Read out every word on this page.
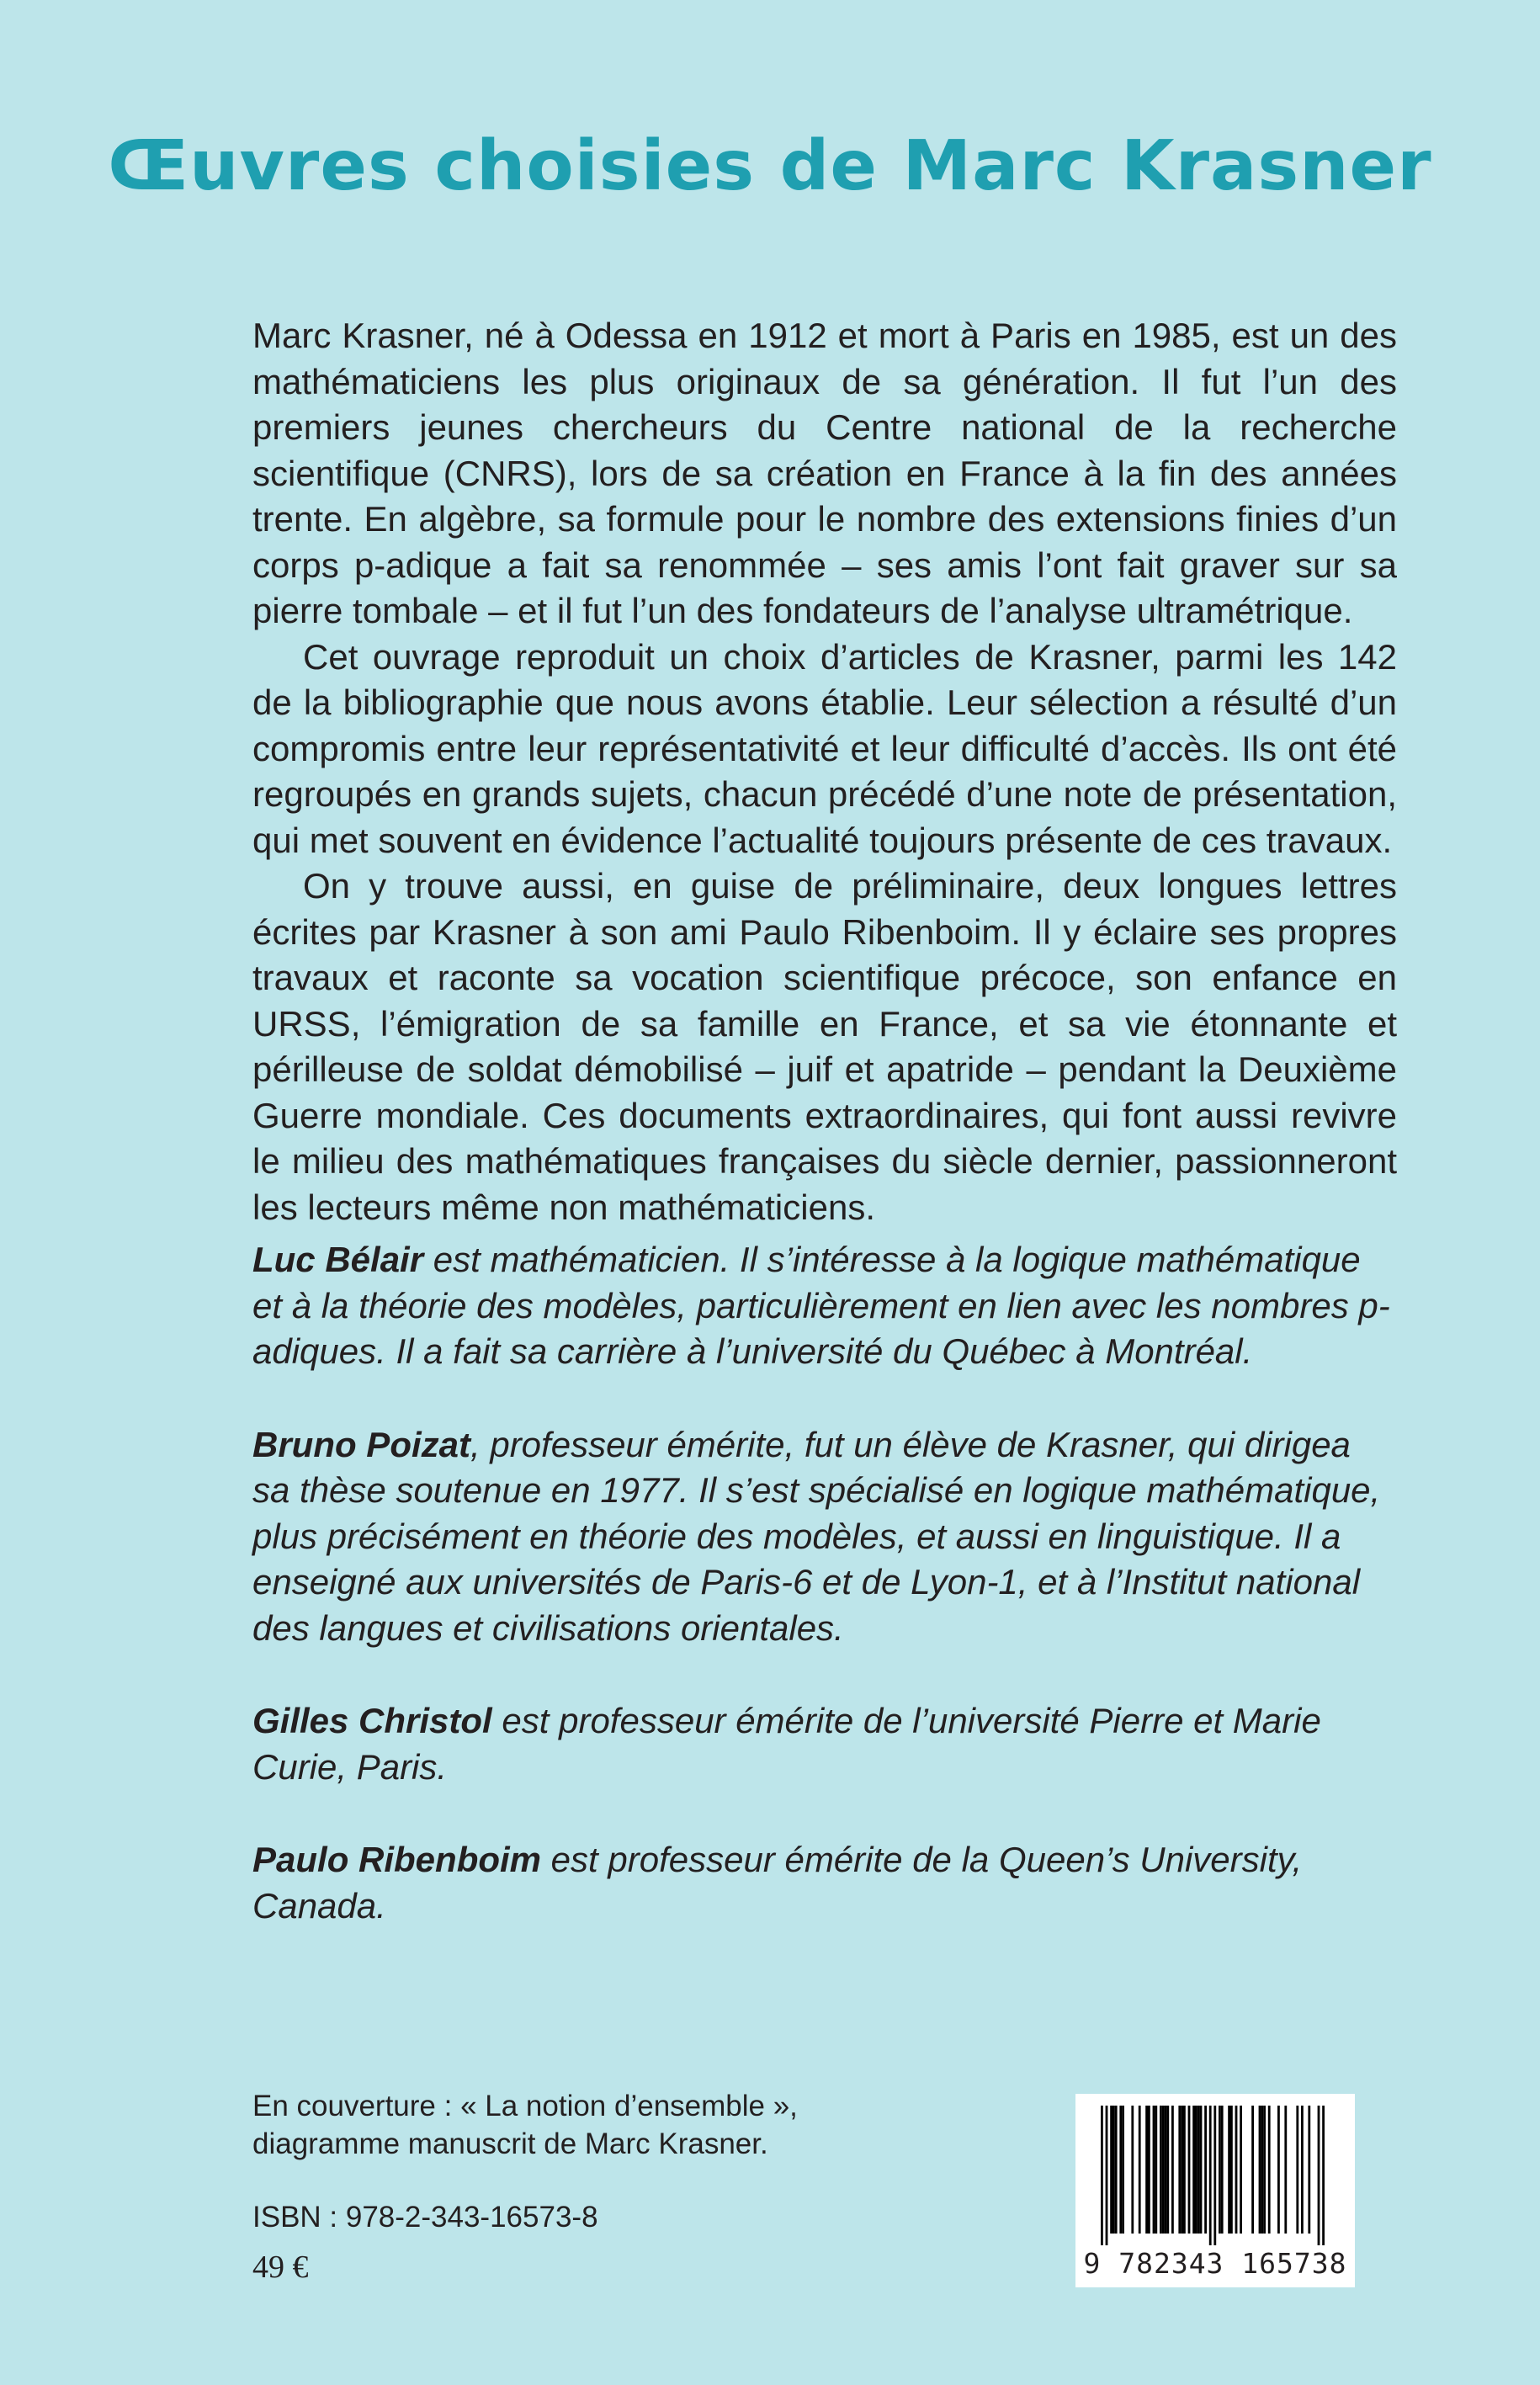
Œuvres choisies de Marc Krasner

Marc Krasner, né à Odessa en 1912 et mort à Paris en 1985, est un des mathématiciens les plus originaux de sa génération. Il fut l’un des premiers jeunes chercheurs du Centre national de la recherche scientifique (CNRS), lors de sa création en France à la fin des années trente. En algèbre, sa formule pour le nombre des extensions finies d’un corps p-adique a fait sa renommée – ses amis l’ont fait graver sur sa pierre tombale – et il fut l’un des fondateurs de l’analyse ultramétrique.

Cet ouvrage reproduit un choix d’articles de Krasner, parmi les 142 de la bibliographie que nous avons établie. Leur sélection a résulté d’un compromis entre leur représentativité et leur difficulté d’accès. Ils ont été regroupés en grands sujets, chacun précédé d’une note de présentation, qui met souvent en évidence l’actualité toujours présente de ces travaux.

On y trouve aussi, en guise de préliminaire, deux longues lettres écrites par Krasner à son ami Paulo Ribenboim. Il y éclaire ses propres travaux et raconte sa vocation scientifique précoce, son enfance en URSS, l’émigration de sa famille en France, et sa vie étonnante et périlleuse de soldat démobilisé – juif et apatride – pendant la Deuxième Guerre mondiale. Ces documents extraordinaires, qui font aussi revivre le milieu des mathématiques françaises du siècle dernier, passionneront les lecteurs même non mathématiciens.

Luc Bélair est mathématicien. Il s’intéresse à la logique mathématique et à la théorie des modèles, particulièrement en lien avec les nombres p-adiques. Il a fait sa carrière à l’université du Québec à Montréal.

Bruno Poizat, professeur émérite, fut un élève de Krasner, qui dirigea sa thèse soutenue en 1977. Il s’est spécialisé en logique mathématique, plus précisément en théorie des modèles, et aussi en linguistique. Il a enseigné aux universités de Paris-6 et de Lyon-1, et à l’Institut national des langues et civilisations orientales.

Gilles Christol est professeur émérite de l’université Pierre et Marie Curie, Paris.

Paulo Ribenboim est professeur émérite de la Queen’s University, Canada.

En couverture : « La notion d’ensemble »,
diagramme manuscrit de Marc Krasner.
ISBN : 978-2-343-16573-8
49 €	9 782343 165738
